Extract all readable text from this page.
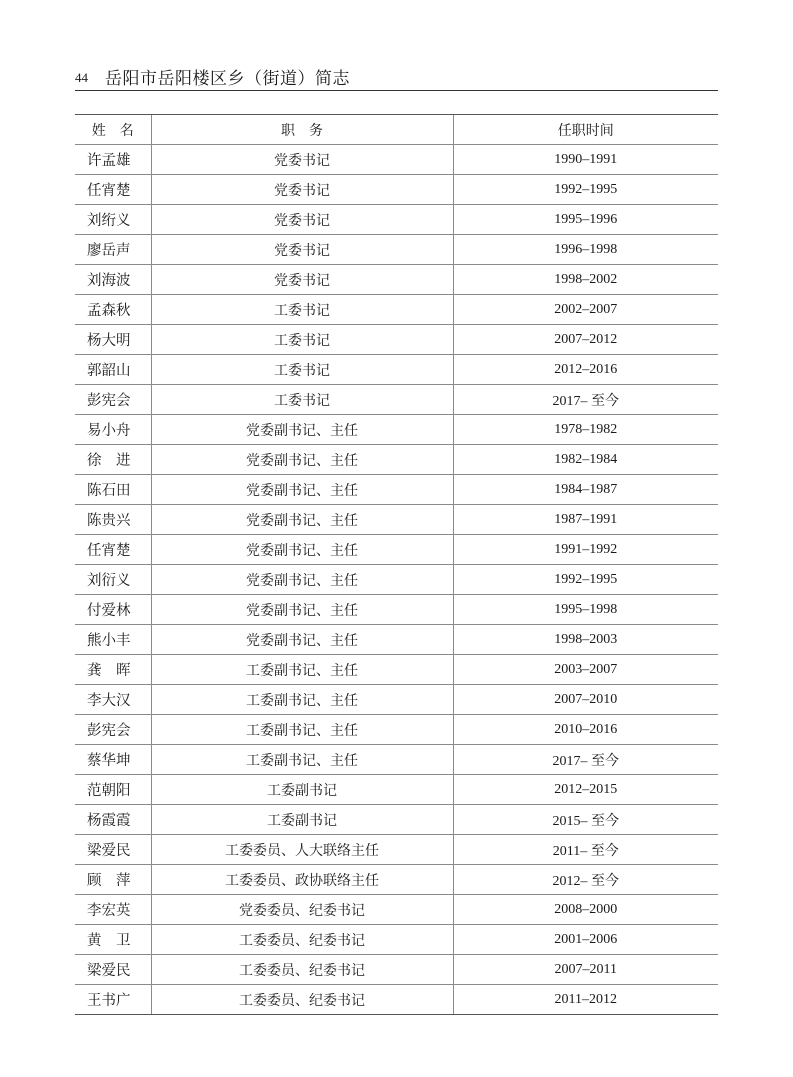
44 岳阳市岳阳楼区乡（街道）简志
姓　名	职　务	任职时间
许孟雄	党委书记	1990–1991
任宵楚	党委书记	1992–1995
刘绗义	党委书记	1995–1996
廖岳声	党委书记	1996–1998
刘海波	党委书记	1998–2002
孟森秋	工委书记	2002–2007
杨大明	工委书记	2007–2012
郭韶山	工委书记	2012–2016
彭宪会	工委书记	2017– 至今
易小舟	党委副书记、主任	1978–1982
徐　进	党委副书记、主任	1982–1984
陈石田	党委副书记、主任	1984–1987
陈贵兴	党委副书记、主任	1987–1991
任宵楚	党委副书记、主任	1991–1992
刘衍义	党委副书记、主任	1992–1995
付爱林	党委副书记、主任	1995–1998
熊小丰	党委副书记、主任	1998–2003
龚　晖	工委副书记、主任	2003–2007
李大汉	工委副书记、主任	2007–2010
彭宪会	工委副书记、主任	2010–2016
蔡华坤	工委副书记、主任	2017– 至今
范朝阳	工委副书记	2012–2015
杨霞霞	工委副书记	2015– 至今
梁爱民	工委委员、人大联络主任	2011– 至今
顾　萍	工委委员、政协联络主任	2012– 至今
李宏英	党委委员、纪委书记	2008–2000
黄　卫	工委委员、纪委书记	2001–2006
梁爱民	工委委员、纪委书记	2007–2011
王书广	工委委员、纪委书记	2011–2012
